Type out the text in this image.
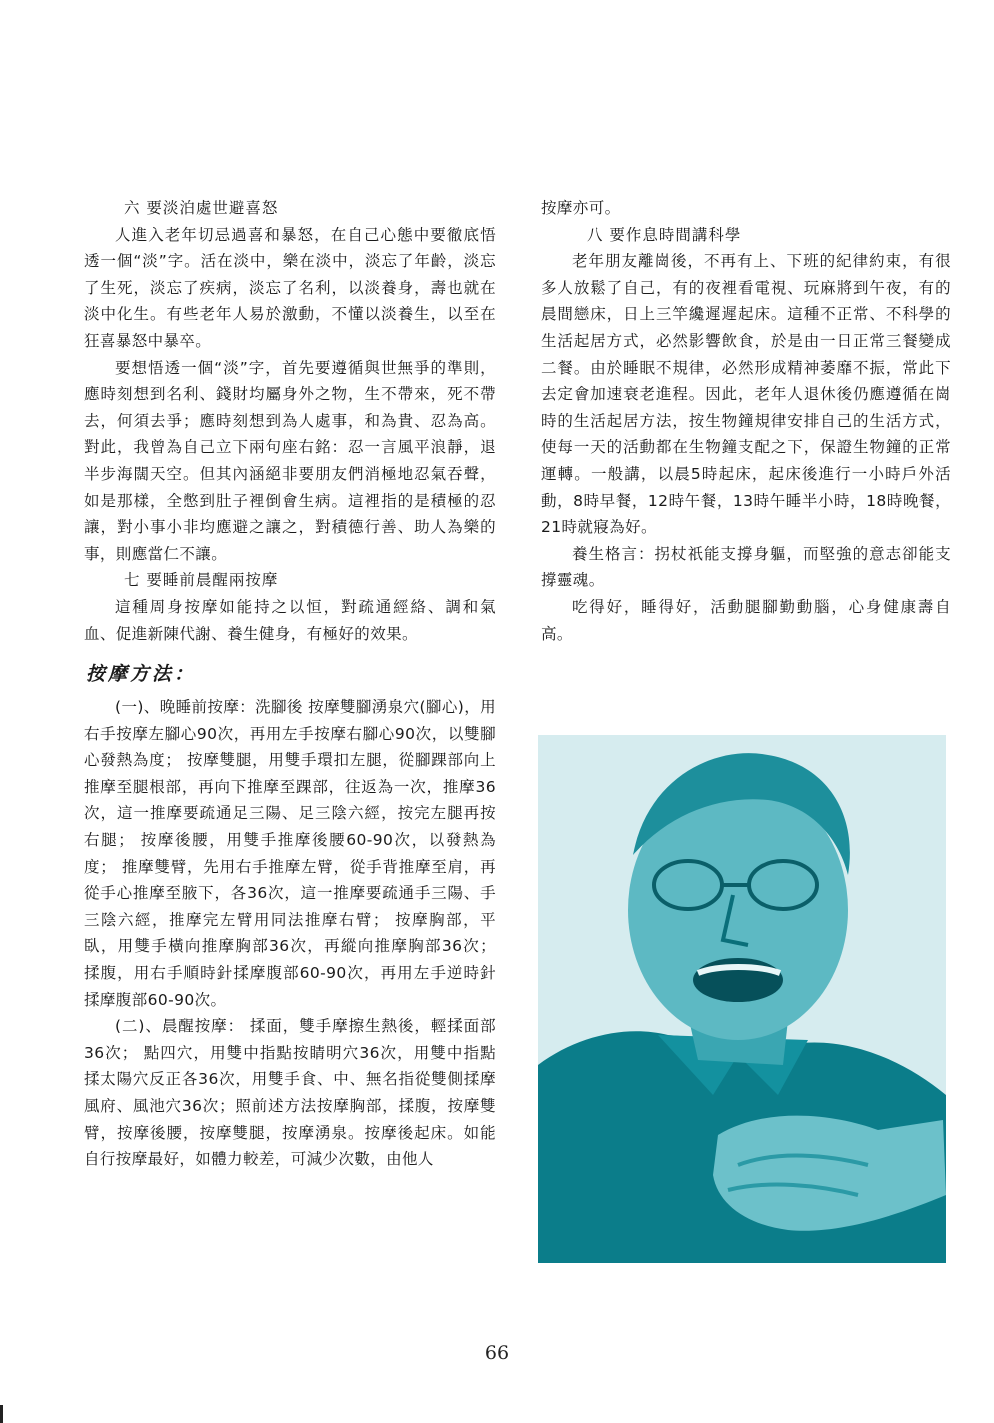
六 要淡泊處世避喜怒

人進入老年切忌過喜和暴怒，在自己心態中要徹底悟透一個“淡”字。活在淡中，樂在淡中，淡忘了年齡，淡忘了生死，淡忘了疾病，淡忘了名利，以淡養身，壽也就在淡中化生。有些老年人易於激動，不懂以淡養生，以至在狂喜暴怒中暴卒。

要想悟透一個“淡”字，首先要遵循與世無爭的準則，應時刻想到名利、錢財均屬身外之物，生不帶來，死不帶去，何須去爭；應時刻想到為人處事，和為貴、忍為高。對此，我曾為自己立下兩句座右銘：忍一言風平浪靜，退半步海闊天空。但其內涵絕非要朋友們消極地忍氣吞聲，如是那樣，全憋到肚子裡倒會生病。這裡指的是積極的忍讓，對小事小非均應避之讓之，對積德行善、助人為樂的事，則應當仁不讓。

七 要睡前晨醒兩按摩

這種周身按摩如能持之以恒，對疏通經絡、調和氣血、促進新陳代謝、養生健身，有極好的效果。

按摩方法：

(一)、晚睡前按摩：洗腳後 按摩雙腳湧泉穴(腳心)，用右手按摩左腳心90次，再用左手按摩右腳心90次，以雙腳心發熱為度； 按摩雙腿，用雙手環扣左腿，從腳踝部向上推摩至腿根部，再向下推摩至踝部，往返為一次，推摩36次，這一推摩要疏通足三陽、足三陰六經，按完左腿再按右腿； 按摩後腰，用雙手推摩後腰60-90次，以發熱為度； 推摩雙臂，先用右手推摩左臂，從手背推摩至肩，再從手心推摩至腋下，各36次，這一推摩要疏通手三陽、手三陰六經，推摩完左臂用同法推摩右臂； 按摩胸部，平臥，用雙手橫向推摩胸部36次，再縱向推摩胸部36次； 揉腹，用右手順時針揉摩腹部60-90次，再用左手逆時針揉摩腹部60-90次。

(二)、晨醒按摩： 揉面，雙手摩擦生熱後，輕揉面部36次； 點四穴，用雙中指點按睛明穴36次，用雙中指點揉太陽穴反正各36次，用雙手食、中、無名指從雙側揉摩風府、風池穴36次；照前述方法按摩胸部，揉腹，按摩雙臂，按摩後腰，按摩雙腿，按摩湧泉。按摩後起床。如能自行按摩最好，如體力較差，可減少次數，由他人

按摩亦可。

八 要作息時間講科學

老年朋友離崗後，不再有上、下班的紀律約束，有很多人放鬆了自己，有的夜裡看電視、玩麻將到午夜，有的晨間戀床，日上三竿纔遲遲起床。這種不正常、不科學的生活起居方式，必然影響飲食，於是由一日正常三餐變成二餐。由於睡眠不規律，必然形成精神萎靡不振，常此下去定會加速衰老進程。因此，老年人退休後仍應遵循在崗時的生活起居方法，按生物鐘規律安排自己的生活方式，使每一天的活動都在生物鐘支配之下，保證生物鐘的正常運轉。一般講，以晨5時起床，起床後進行一小時戶外活動，8時早餐，12時午餐，13時午睡半小時，18時晚餐，21時就寢為好。

養生格言：拐杖祇能支撐身軀，而堅強的意志卻能支撐靈魂。

吃得好，睡得好，活動腿腳勤動腦，心身健康壽自高。

66
